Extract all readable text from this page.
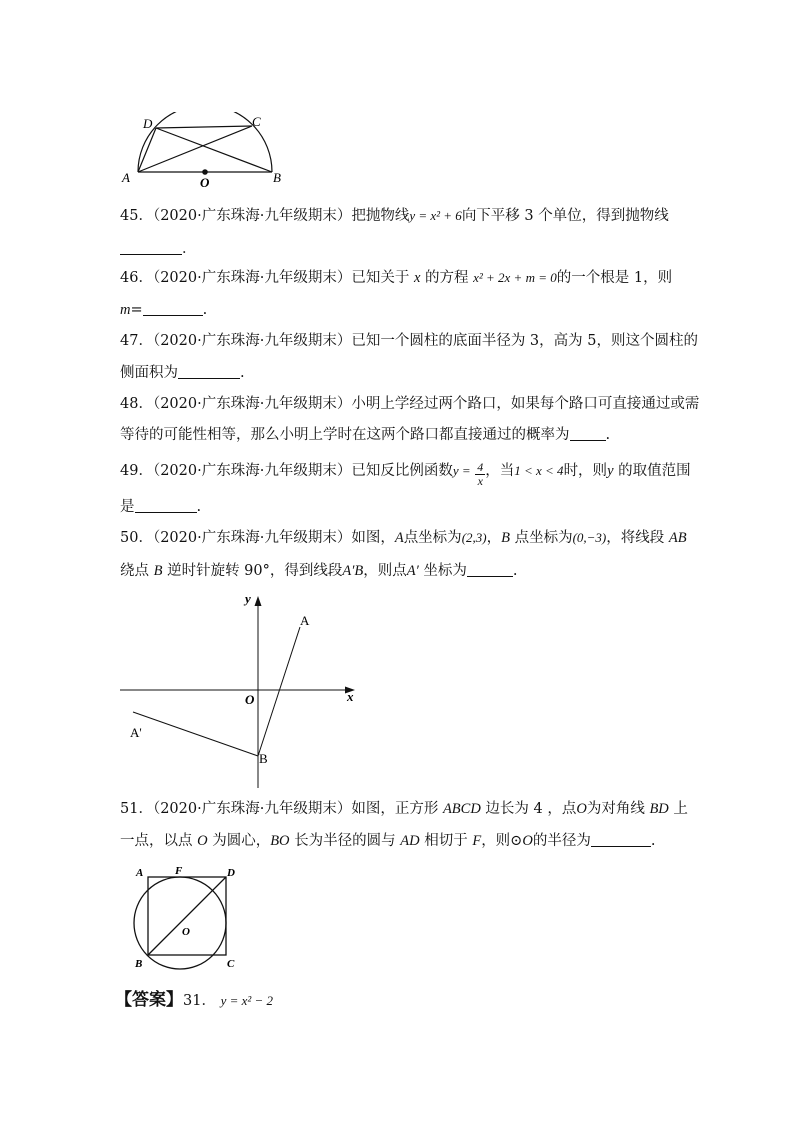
D	C
A	O	B
45．（2020·广东珠海·九年级期末）把抛物线y = x² + 6向下平移 3 个单位，得到抛物线
．
46．（2020·广东珠海·九年级期末）已知关于 x 的方程 x² + 2x + m = 0的一个根是 1，则
m=	.
47．（2020·广东珠海·九年级期末）已知一个圆柱的底面半径为 3，高为 5，则这个圆柱的
侧面积为	.
48．（2020·广东珠海·九年级期末）小明上学经过两个路口，如果每个路口可直接通过或需
等待的可能性相等，那么小明上学时在这两个路口都直接通过的概率为 .
49．（2020·广东珠海·九年级期末）已知反比例函数$y = \frac{4}{x}$ ，当1 < x < 4时，则y 的取值范围
是	.
50．（2020·广东珠海·九年级期末）如图，A点坐标为(2,3)，B 点坐标为(0,−3)，将线段 AB
绕点 B 逆时针旋转 90°，得到线段A′B，则点A′ 坐标为	.
y
x
O
A
A'
B
51．（2020·广东珠海·九年级期末）如图，正方形 ABCD 边长为 4 ，点O为对角线 BD 上
一点，以点 O 为圆心，BO 长为半径的圆与 AD 相切于 F，则⊙O的半径为	.
A	F	D
O
B	C
【答案】31． y = x² − 2
